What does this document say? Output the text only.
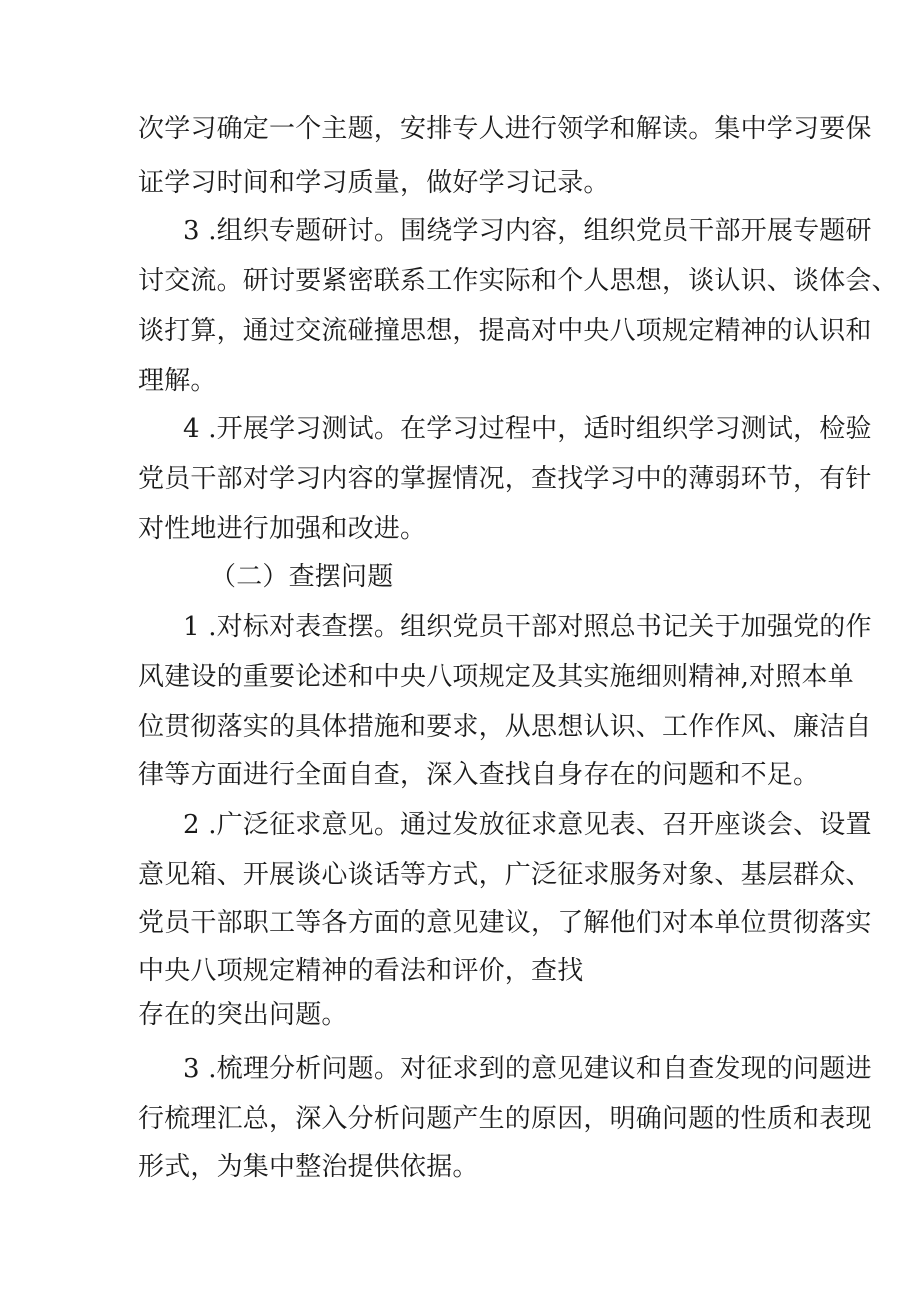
次学习确定一个主题，安排专人进行领学和解读。集中学习要保
证学习时间和学习质量，做好学习记录。
3 .组织专题研讨。围绕学习内容，组织党员干部开展专题研
讨交流。研讨要紧密联系工作实际和个人思想，谈认识、谈体会、
谈打算，通过交流碰撞思想，提高对中央八项规定精神的认识和
理解。
4 .开展学习测试。在学习过程中，适时组织学习测试，检验
党员干部对学习内容的掌握情况，查找学习中的薄弱环节，有针
对性地进行加强和改进。
（二）查摆问题
1 .对标对表查摆。组织党员干部对照总书记关于加强党的作
风建设的重要论述和中央八项规定及其实施细则精神,对照本单
位贯彻落实的具体措施和要求，从思想认识、工作作风、廉洁自
律等方面进行全面自查，深入查找自身存在的问题和不足。
2 .广泛征求意见。通过发放征求意见表、召开座谈会、设置
意见箱、开展谈心谈话等方式，广泛征求服务对象、基层群众、
党员干部职工等各方面的意见建议，了解他们对本单位贯彻落实
中央八项规定精神的看法和评价，查找
存在的突出问题。
3 .梳理分析问题。对征求到的意见建议和自查发现的问题进
行梳理汇总，深入分析问题产生的原因，明确问题的性质和表现
形式，为集中整治提供依据。
